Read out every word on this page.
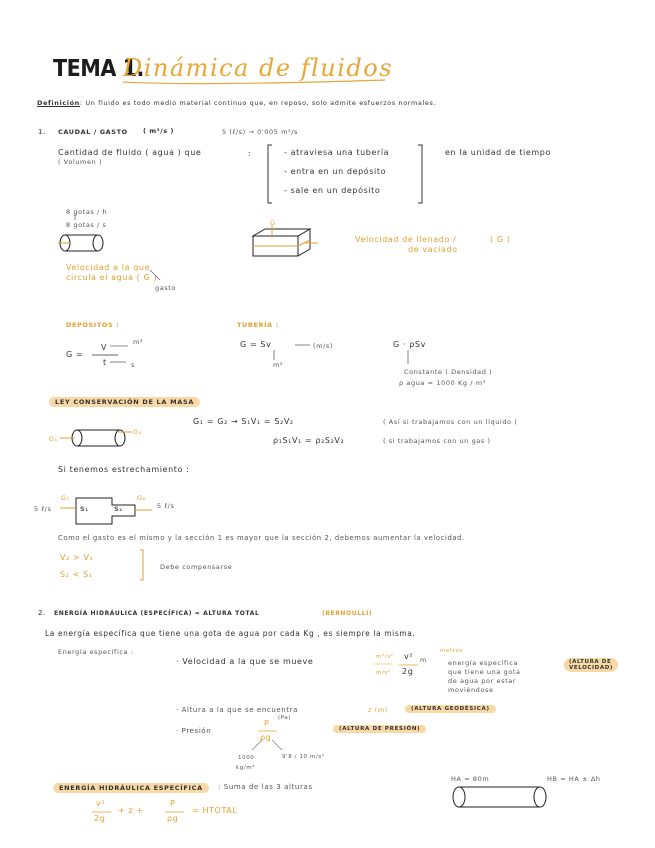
TEMA 1.
Dinámica de fluidos
Definición: Un fluido es todo medio material continuo que, en reposo, solo admite esfuerzos normales.
1. CAUDAL / GASTO ( m³/s )	5 (ℓ/s) → 0'005 m³/s
Cantidad de fluido ( agua ) que
( Volumen )
:	- atraviesa una tubería
- entra en un depósito
- sale en un depósito
en la unidad de tiempo
8 gotas / h
8 gotas / s	G
Velocidad de llenado /	( G )
de vaciado
Velocidad a la que
circula el agua ( G )
gasto
DEPÓSITOS :	TUBERÍA :
G =
V
t
m³
s
G = Sv	(m/s)
m²
G · ρSv
Constante ( Densidad )
ρ agua = 1000 Kg / m³
LEY CONSERVACIÓN DE LA MASA
G₁
G₂
G₁ = G₂ → S₁V₁ = S₂V₂	( Así si trabajamos con un líquido )
ρ₁S₁V₁ = ρ₂S₂V₂	( si trabajamos con un gas )
Si tenemos estrechamiento :
5 ℓ/s
G₁
S₁	S₂
G₂
5 ℓ/s
Como el gasto es el mismo y la sección 1 es mayor que la sección 2, debemos aumentar la velocidad.
V₂ > V₁
S₂ < S₁
Debe compensarse
2. ENERGÍA HIDRÁULICA (ESPECÍFICA) = ALTURA TOTAL	(BERNOULLI)
La energía específica que tiene una gota de agua por cada Kg , es siempre la misma.
Energía específica :
· Velocidad a la que se mueve	m²/s²
m/s²
v²
2g
metros
m	energía específica
que tiene una gota
de agua por estar
moviéndose
(ALTURA DE
VELOCIDAD)
· Altura a la que se encuentra	z (m)	(ALTURA GEODÉSICA)
· Presión
P
(Pa)
ρg
(ALTURA DE PRESIÓN)
1000
kg/m³
9'8 / 10 m/s²
ENERGÍA HIDRÁULICA ESPECÍFICA	: Suma de las 3 alturas
v²
2g
+ z +
P
ρg
= HTOTAL
HA = 80m	HB = HA ± Δh
